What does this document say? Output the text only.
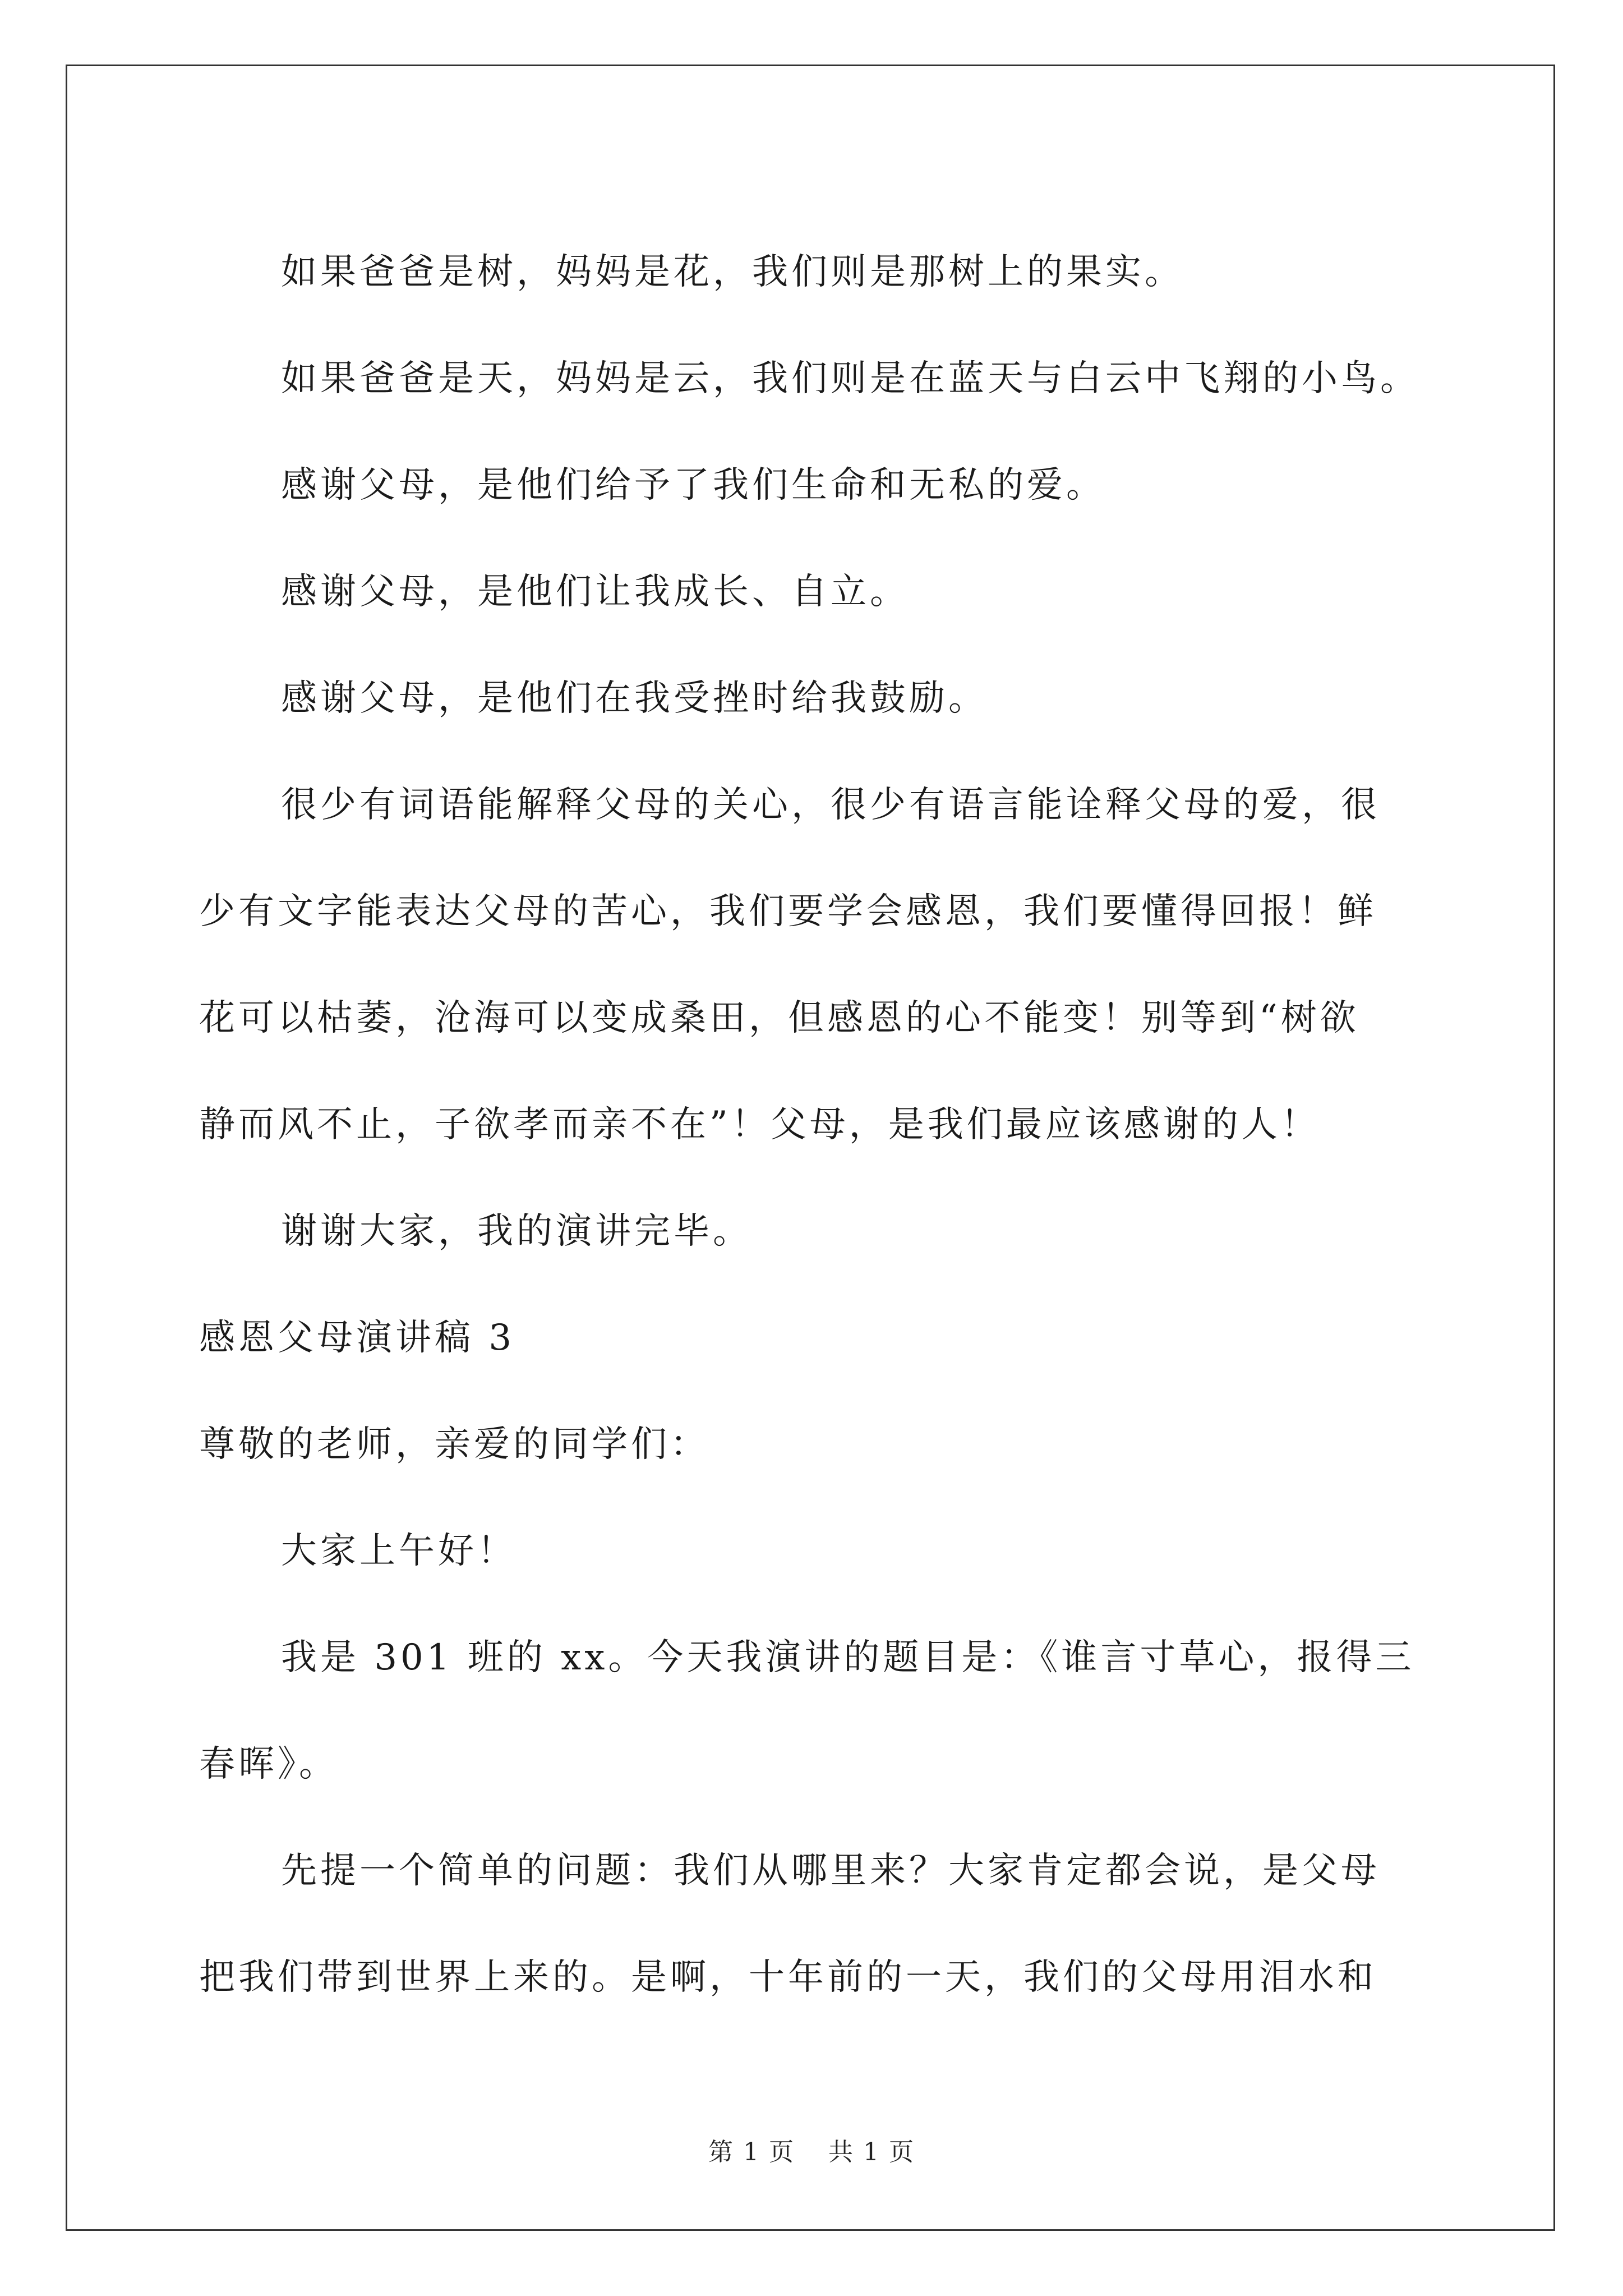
如果爸爸是树，妈妈是花，我们则是那树上的果实。
如果爸爸是天，妈妈是云，我们则是在蓝天与白云中飞翔的小鸟。
感谢父母，是他们给予了我们生命和无私的爱。
感谢父母，是他们让我成长、自立。
感谢父母，是他们在我受挫时给我鼓励。
很少有词语能解释父母的关心，很少有语言能诠释父母的爱，很
少有文字能表达父母的苦心，我们要学会感恩，我们要懂得回报！鲜
花可以枯萎，沧海可以变成桑田，但感恩的心不能变！别等到“树欲
静而风不止，子欲孝而亲不在”！父母，是我们最应该感谢的人！
谢谢大家，我的演讲完毕。
感恩父母演讲稿 3
尊敬的老师，亲爱的同学们：
大家上午好！
我是 301 班的 xx。今天我演讲的题目是：《谁言寸草心，报得三
春晖》。
先提一个简单的问题：我们从哪里来？大家肯定都会说，是父母
把我们带到世界上来的。是啊，十年前的一天，我们的父母用泪水和
第 1 页 共 1 页
